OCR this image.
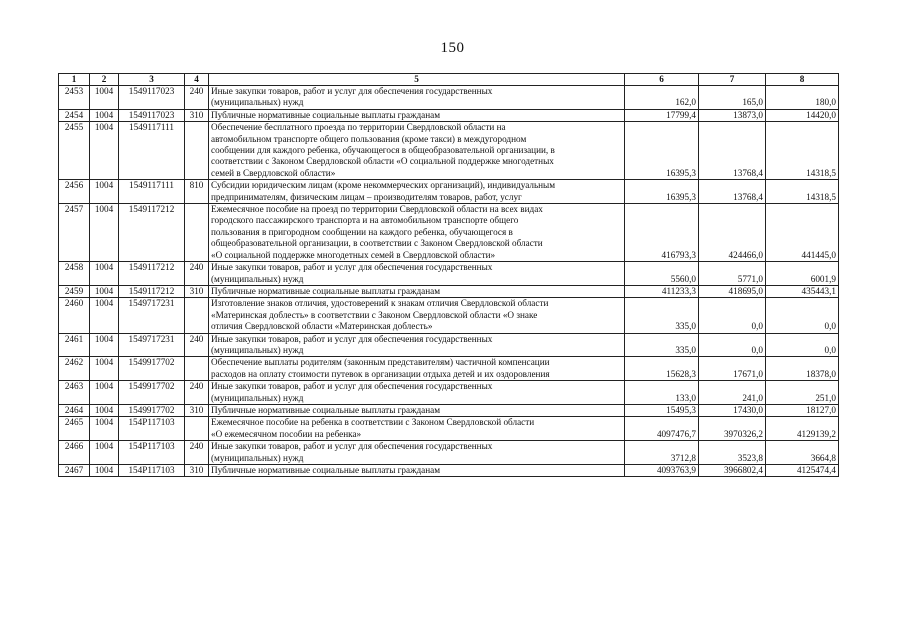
150
1	2	3	4	5	6	7	8
2453	1004	1549117023	240	Иные закупки товаров, работ и услуг для обеспечения государственных
(муниципальных) нужд	162,0	165,0	180,0
2454	1004	1549117023	310	Публичные нормативные социальные выплаты гражданам	17799,4	13873,0	14420,0
2455	1004	1549117111		Обеспечение бесплатного проезда по территории Свердловской области на
автомобильном транспорте общего пользования (кроме такси) в междугородном
сообщении для каждого ребенка, обучающегося в общеобразовательной организации, в
соответствии с Законом Свердловской области «О социальной поддержке многодетных
семей в Свердловской области»	16395,3	13768,4	14318,5
2456	1004	1549117111	810	Субсидии юридическим лицам (кроме некоммерческих организаций), индивидуальным
предпринимателям, физическим лицам – производителям товаров, работ, услуг	16395,3	13768,4	14318,5
2457	1004	1549117212		Ежемесячное пособие на проезд по территории Свердловской области на всех видах
городского пассажирского транспорта и на автомобильном транспорте общего
пользования в пригородном сообщении на каждого ребенка, обучающегося в
общеобразовательной организации, в соответствии с Законом Свердловской области
«О социальной поддержке многодетных семей в Свердловской области»	416793,3	424466,0	441445,0
2458	1004	1549117212	240	Иные закупки товаров, работ и услуг для обеспечения государственных
(муниципальных) нужд	5560,0	5771,0	6001,9
2459	1004	1549117212	310	Публичные нормативные социальные выплаты гражданам	411233,3	418695,0	435443,1
2460	1004	1549717231		Изготовление знаков отличия, удостоверений к знакам отличия Свердловской области
«Материнская доблесть» в соответствии с Законом Свердловской области «О знаке
отличия Свердловской области «Материнская доблесть»	335,0	0,0	0,0
2461	1004	1549717231	240	Иные закупки товаров, работ и услуг для обеспечения государственных
(муниципальных) нужд	335,0	0,0	0,0
2462	1004	1549917702		Обеспечение выплаты родителям (законным представителям) частичной компенсации
расходов на оплату стоимости путевок в организации отдыха детей и их оздоровления	15628,3	17671,0	18378,0
2463	1004	1549917702	240	Иные закупки товаров, работ и услуг для обеспечения государственных
(муниципальных) нужд	133,0	241,0	251,0
2464	1004	1549917702	310	Публичные нормативные социальные выплаты гражданам	15495,3	17430,0	18127,0
2465	1004	154P117103		Ежемесячное пособие на ребенка в соответствии с Законом Свердловской области
«О ежемесячном пособии на ребенка»	4097476,7	3970326,2	4129139,2
2466	1004	154P117103	240	Иные закупки товаров, работ и услуг для обеспечения государственных
(муниципальных) нужд	3712,8	3523,8	3664,8
2467	1004	154P117103	310	Публичные нормативные социальные выплаты гражданам	4093763,9	3966802,4	4125474,4
